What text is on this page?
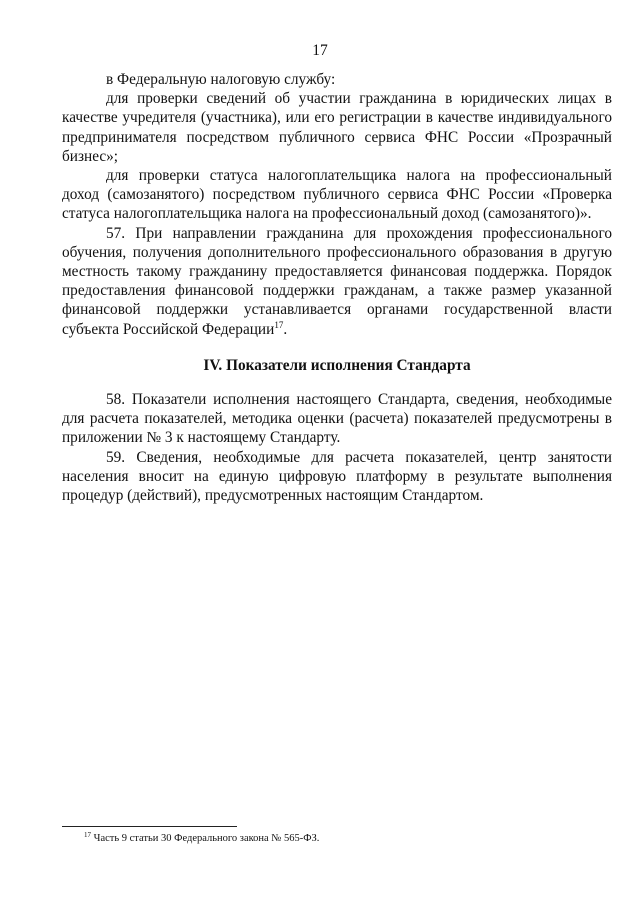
17

в Федеральную налоговую службу:

для проверки сведений об участии гражданина в юридических лицах в качестве учредителя (участника), или его регистрации в качестве индивидуального предпринимателя посредством публичного сервиса ФНС России «Прозрачный бизнес»;

для проверки статуса налогоплательщика налога на профессиональный доход (самозанятого) посредством публичного сервиса ФНС России «Проверка статуса налогоплательщика налога на профессиональный доход (самозанятого)».

57. При направлении гражданина для прохождения профессионального обучения, получения дополнительного профессионального образования в другую местность такому гражданину предоставляется финансовая поддержка. Порядок предоставления финансовой поддержки гражданам, а также размер указанной финансовой поддержки устанавливается органами государственной власти субъекта Российской Федерации$^{17}$.

IV. Показатели исполнения Стандарта

58. Показатели исполнения настоящего Стандарта, сведения, необходимые для расчета показателей, методика оценки (расчета) показателей предусмотрены в приложении № 3 к настоящему Стандарту.

59. Сведения, необходимые для расчета показателей, центр занятости населения вносит на единую цифровую платформу в результате выполнения процедур (действий), предусмотренных настоящим Стандартом.

$^{17}$ Часть 9 статьи 30 Федерального закона № 565-ФЗ.
